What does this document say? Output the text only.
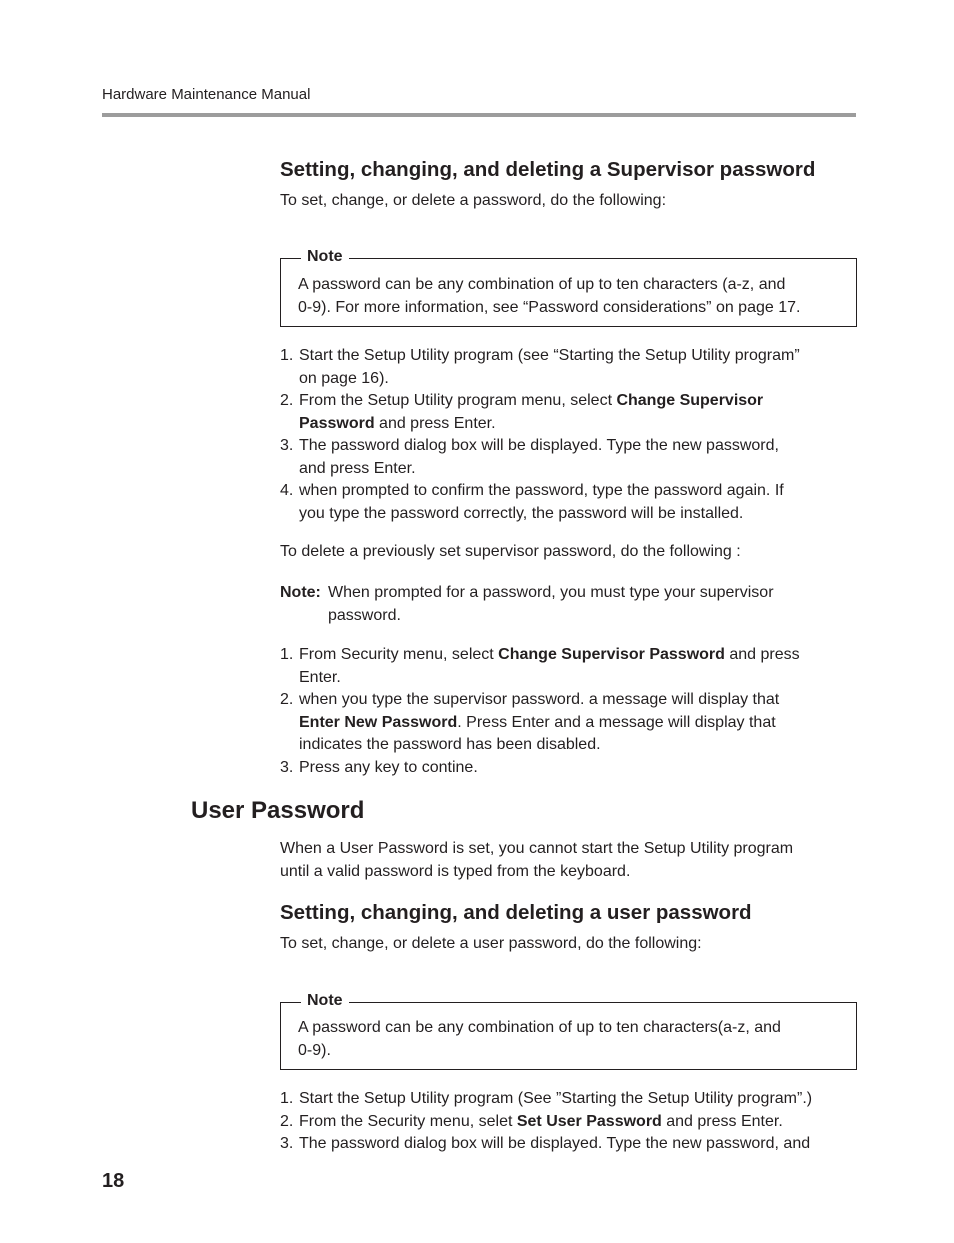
Hardware Maintenance Manual
Setting, changing, and deleting a Supervisor password
To set, change, or delete a password, do the following:
Note
A password can be any combination of up to ten characters (a-z, and
0-9). For more information, see “Password considerations” on page 17.
1. Start the Setup Utility program (see “Starting the Setup Utility program”
on page 16).
2. From the Setup Utility program menu, select Change Supervisor
Password and press Enter.
3. The password dialog box will be displayed. Type the new password,
and press Enter.
4. when prompted to confirm the password, type the password again. If
you type the password correctly, the password will be installed.
To delete a previously set supervisor password, do the following :
Note: When prompted for a password, you must type your supervisor
password.
1. From Security menu, select Change Supervisor Password and press
Enter.
2. when you type the supervisor password. a message will display that
Enter New Password. Press Enter and a message will display that
indicates the password has been disabled.
3. Press any key to contine.
User Password
When a User Password is set, you cannot start the Setup Utility program
until a valid password is typed from the keyboard.
Setting, changing, and deleting a user password
To set, change, or delete a user password, do the following:
Note
A password can be any combination of up to ten characters(a-z, and
0-9).
1. Start the Setup Utility program (See ”Starting the Setup Utility program”.)
2. From the Security menu, selet Set User Password and press Enter.
3. The password dialog box will be displayed. Type the new password, and
18
